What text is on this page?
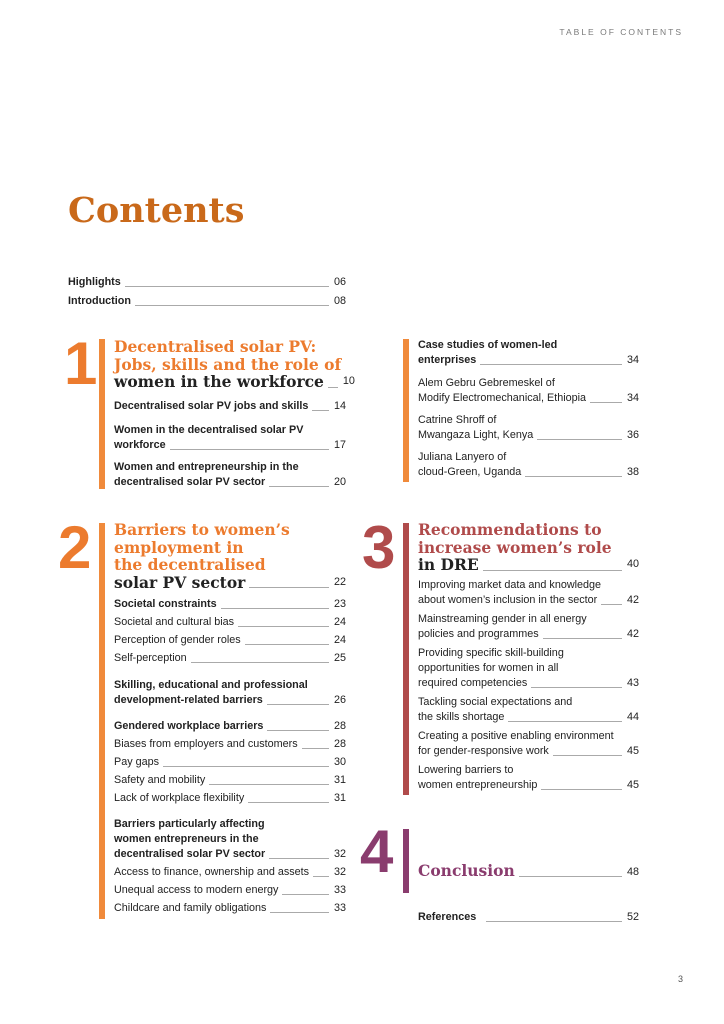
TABLE OF CONTENTS
Contents
Highlights	06
Introduction	08
1 Decentralised solar PV:
Jobs, skills and the role of
women in the workforce 10
Decentralised solar PV jobs and skills 14
Women in the decentralised solar PV
workforce	17
Women and entrepreneurship in the
decentralised solar PV sector	20
Case studies of women-led
enterprises	34
Alem Gebru Gebremeskel of
Modify Electromechanical, Ethiopia	34
Catrine Shroff of
Mwangaza Light, Kenya	36
Juliana Lanyero of
cloud-Green, Uganda	38
2 Barriers to women’s
employment in
the decentralised
solar PV sector	22
Societal constraints	23
Societal and cultural bias	24
Perception of gender roles	24
Self-perception	25
Skilling, educational and professional
development-related barriers	26
Gendered workplace barriers	28
Biases from employers and customers	28
Pay gaps	30
Safety and mobility	31
Lack of workplace flexibility	31
Barriers particularly affecting
women entrepreneurs in the
decentralised solar PV sector	32
Access to finance, ownership and assets 32
Unequal access to modern energy	33
Childcare and family obligations	33
3 Recommendations to
increase women’s role
in DRE	40
Improving market data and knowledge
about women’s inclusion in the sector	42
Mainstreaming gender in all energy
policies and programmes	42
Providing specific skill-building
opportunities for women in all
required competencies	43
Tackling social expectations and
the skills shortage	44
Creating a positive enabling environment
for gender-responsive work	45
Lowering barriers to
women entrepreneurship	45
4 Conclusion	48
References	52
3
